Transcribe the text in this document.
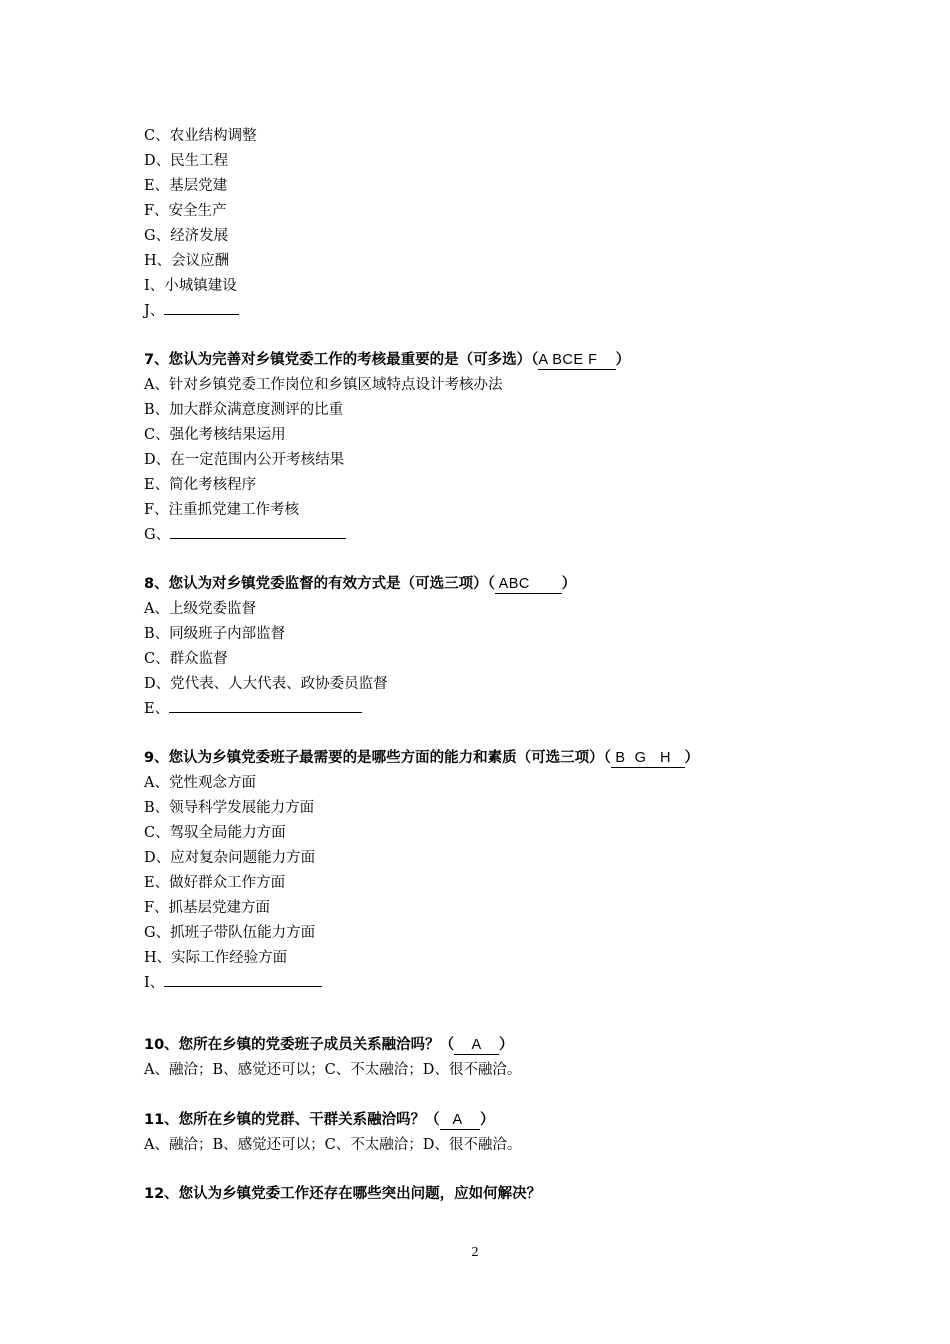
C、农业结构调整
D、民生工程
E、基层党建
F、安全生产
G、经济发展
H、会议应酬
I、小城镇建设
J、
7、您认为完善对乡镇党委工作的考核最重要的是（可多选）（A BCE F    ）
A、针对乡镇党委工作岗位和乡镇区域特点设计考核办法
B、加大群众满意度测评的比重
C、强化考核结果运用
D、在一定范围内公开考核结果
E、简化考核程序
F、注重抓党建工作考核
G、
8、您认为对乡镇党委监督的有效方式是（可选三项）（ ABC       ）
A、上级党委监督
B、同级班子内部监督
C、群众监督
D、党代表、人大代表、政协委员监督
E、
9、您认为乡镇党委班子最需要的是哪些方面的能力和素质（可选三项）（ B  G   H   ）
A、党性观念方面
B、领导科学发展能力方面
C、驾驭全局能力方面
D、应对复杂问题能力方面
E、做好群众工作方面
F、抓基层党建方面
G、抓班子带队伍能力方面
H、实际工作经验方面
I、
10、您所在乡镇的党委班子成员关系融洽吗？（    A    ）
A、融洽；B、感觉还可以；C、不太融洽；D、很不融洽。
11、您所在乡镇的党群、干群关系融洽吗？（   A    ）
A、融洽；B、感觉还可以；C、不太融洽；D、很不融洽。
12、您认为乡镇党委工作还存在哪些突出问题，应如何解决？
2
